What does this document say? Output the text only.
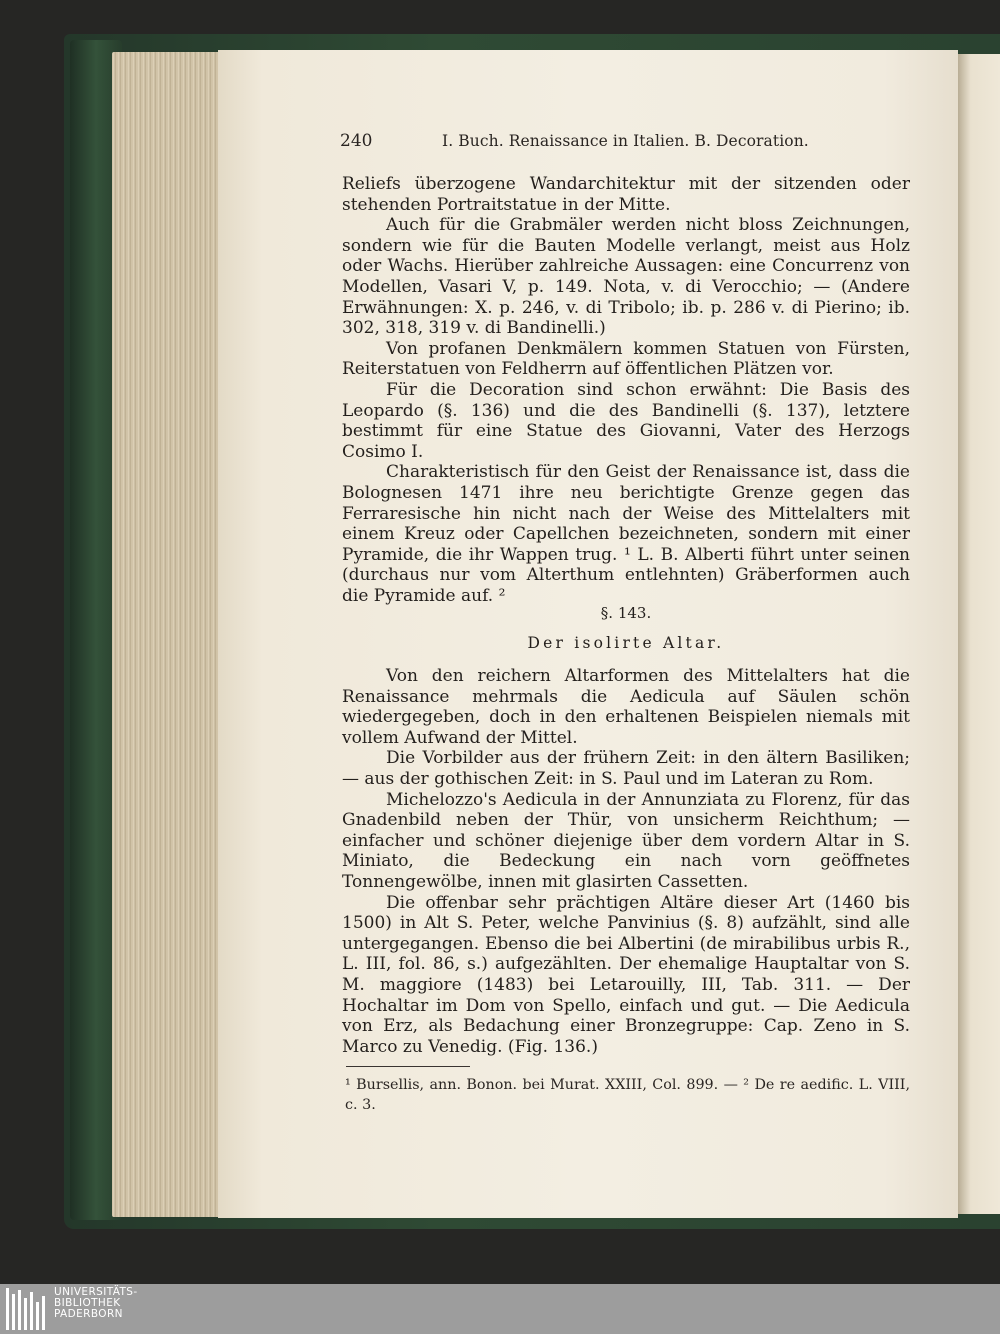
240	I. Buch. Renaissance in Italien. B. Decoration.

Reliefs überzogene Wandarchitektur mit der sitzenden oder stehenden Portraitstatue in der Mitte.

Auch für die Grabmäler werden nicht bloss Zeichnungen, sondern wie für die Bauten Modelle verlangt, meist aus Holz oder Wachs. Hierüber zahlreiche Aussagen: eine Concurrenz von Modellen, Vasari V, p. 149. Nota, v. di Verocchio; — (Andere Erwähnungen: X. p. 246, v. di Tribolo; ib. p. 286 v. di Pierino; ib. 302, 318, 319 v. di Bandinelli.)

Von profanen Denkmälern kommen Statuen von Fürsten, Reiterstatuen von Feldherrn auf öffentlichen Plätzen vor.

Für die Decoration sind schon erwähnt: Die Basis des Leopardo (§. 136) und die des Bandinelli (§. 137), letztere bestimmt für eine Statue des Giovanni, Vater des Herzogs Cosimo I.

Charakteristisch für den Geist der Renaissance ist, dass die Bolognesen 1471 ihre neu berichtigte Grenze gegen das Ferraresische hin nicht nach der Weise des Mittelalters mit einem Kreuz oder Capellchen bezeichneten, sondern mit einer Pyramide, die ihr Wappen trug. ¹ L. B. Alberti führt unter seinen (durchaus nur vom Alterthum entlehnten) Gräberformen auch die Pyramide auf. ²

§. 143.
Der isolirte Altar.

Von den reichern Altarformen des Mittelalters hat die Renaissance mehrmals die Aedicula auf Säulen schön wiedergegeben, doch in den erhaltenen Beispielen niemals mit vollem Aufwand der Mittel.

Die Vorbilder aus der frühern Zeit: in den ältern Basiliken; — aus der gothischen Zeit: in S. Paul und im Lateran zu Rom.

Michelozzo's Aedicula in der Annunziata zu Florenz, für das Gnadenbild neben der Thür, von unsicherm Reichthum; — einfacher und schöner diejenige über dem vordern Altar in S. Miniato, die Bedeckung ein nach vorn geöffnetes Tonnengewölbe, innen mit glasirten Cassetten.

Die offenbar sehr prächtigen Altäre dieser Art (1460 bis 1500) in Alt S. Peter, welche Panvinius (§. 8) aufzählt, sind alle untergegangen. Ebenso die bei Albertini (de mirabilibus urbis R., L. III, fol. 86, s.) aufgezählten. Der ehemalige Hauptaltar von S. M. maggiore (1483) bei Letarouilly, III, Tab. 311. — Der Hochaltar im Dom von Spello, einfach und gut. — Die Aedicula von Erz, als Bedachung einer Bronzegruppe: Cap. Zeno in S. Marco zu Venedig. (Fig. 136.)

¹ Bursellis, ann. Bonon. bei Murat. XXIII, Col. 899. — ² De re aedific. L. VIII, c. 3.
UNIVERSITÄTS-
BIBLIOTHEK
PADERBORN
